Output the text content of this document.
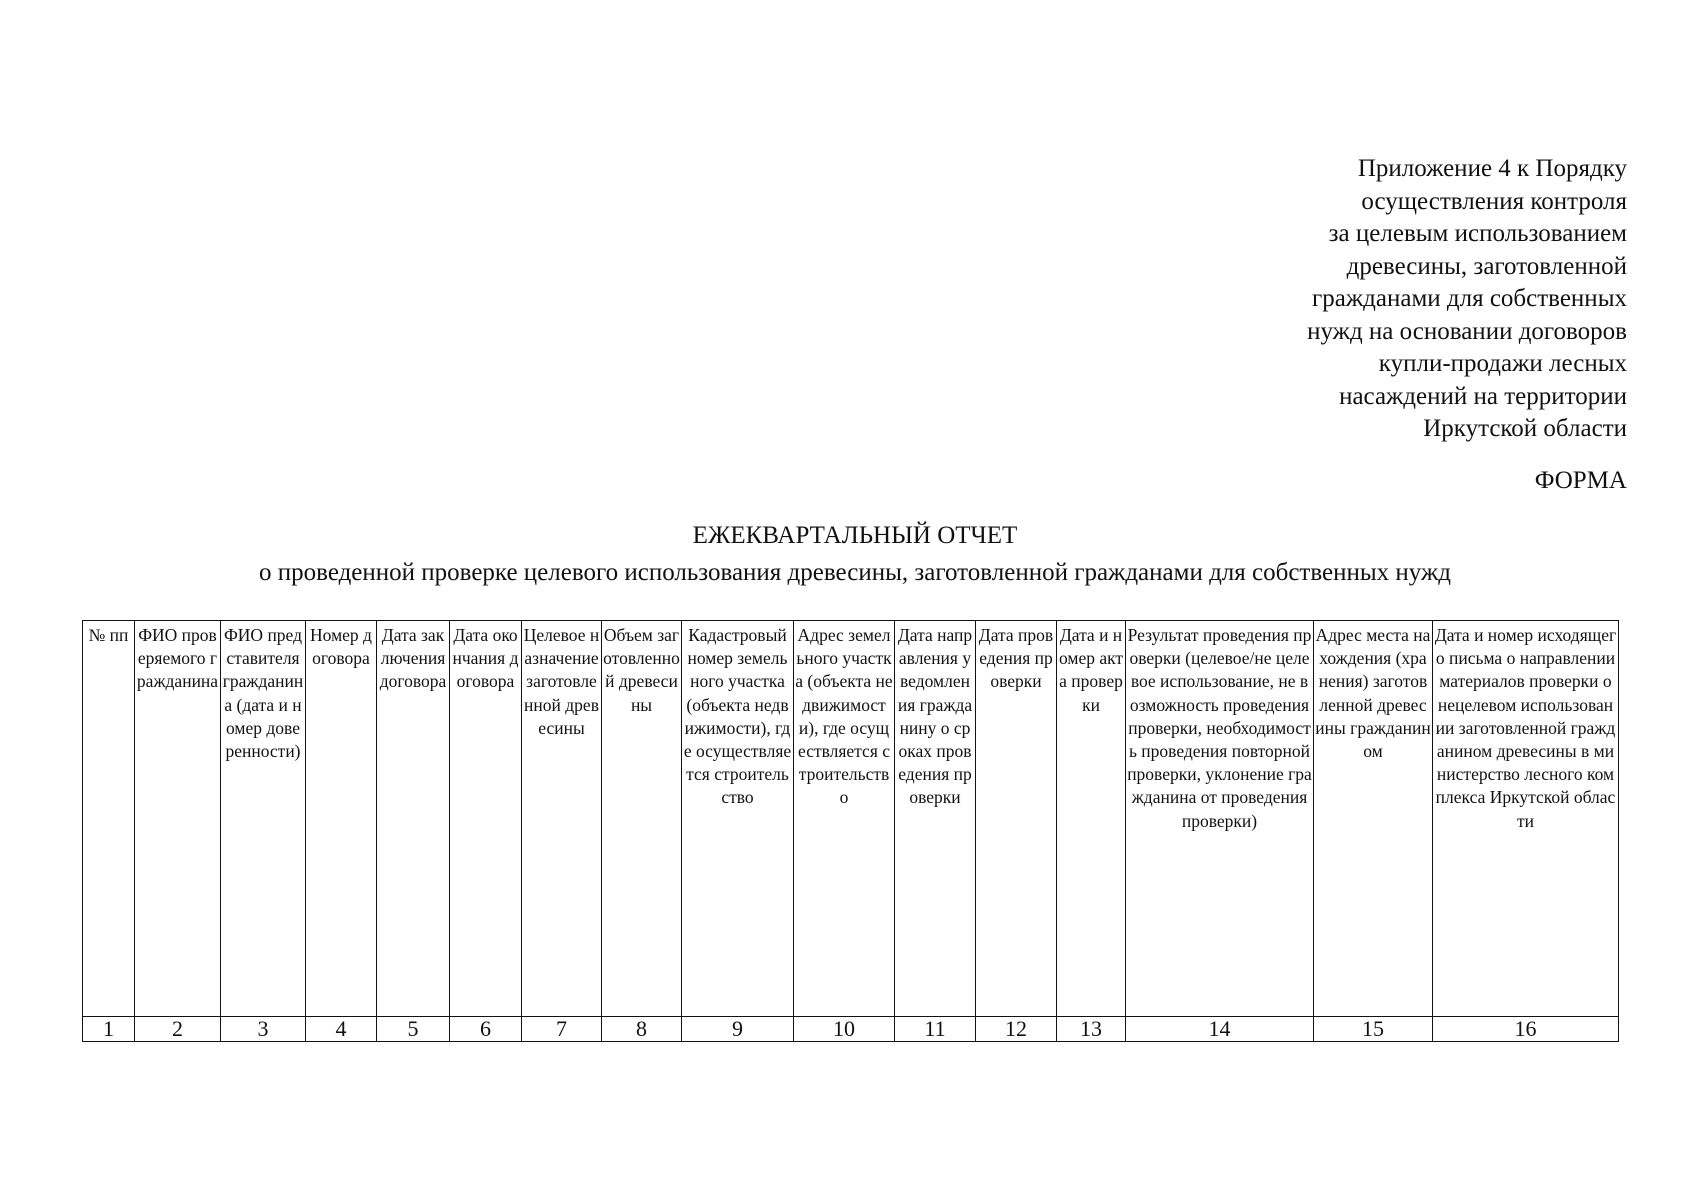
Приложение 4 к Порядку
осуществления контроля
за целевым использованием
древесины, заготовленной
гражданами для собственных
нужд на основании договоров
купли-продажи лесных
насаждений на территории
Иркутской области
ФОРМА
ЕЖЕКВАРТАЛЬНЫЙ ОТЧЕТ
о проведенной проверке целевого использования древесины, заготовленной гражданами для собственных нужд
№ пп	ФИО проверяемого гражданина	ФИО представителя гражданина (дата и номер доверенности)	Номер договора	Дата заключения договора	Дата окончания договора	Целевое назначение заготовленной древесины	Объем заготовленной древесины	Кадастровый номер земельного участка (объекта недвижимости), где осуществляется строительство	Адрес земельного участка (объекта недвижимости), где осуществляется строительство	Дата направления уведомления гражданину о сроках проведения проверки	Дата проведения проверки	Дата и номер акта проверки	Результат проведения проверки (целевое/не целевое использование, не возможность проведения проверки, необходимость проведения повторной проверки, уклонение гражданина от проведения проверки)	Адрес места нахождения (хранения) заготовленной древесины гражданином	Дата и номер исходящего письма о направлении материалов проверки о нецелевом использовании заготовленной гражданином древесины в министерство лесного комплекса Иркутской области
1	2	3	4	5	6	7	8	9	10	11	12	13	14	15	16
